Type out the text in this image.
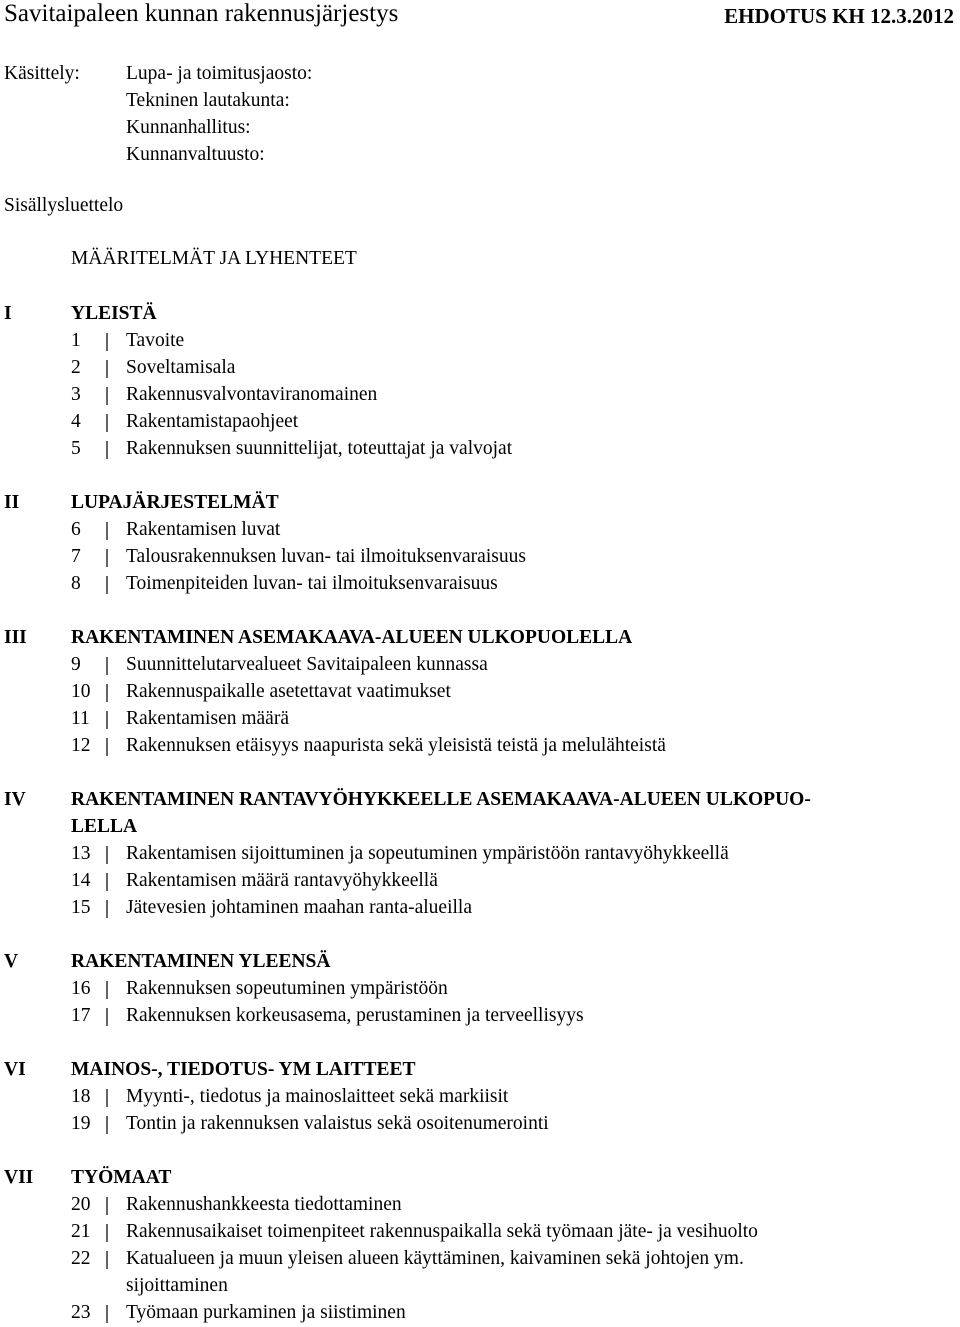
Savitaipaleen kunnan rakennusjärjestys	EHDOTUS KH 12.3.2012
Käsittely: Lupa- ja toimitusjaosto:
Tekninen lautakunta:
Kunnanhallitus:
Kunnanvaltuusto:
Sisällysluettelo
MÄÄRITELMÄT JA LYHENTEET
I	YLEISTÄ
1 Tavoite
2 Soveltamisala
3 Rakennusvalvontaviranomainen
4 Rakentamistapaohjeet
5 Rakennuksen suunnittelijat, toteuttajat ja valvojat
II	LUPAJÄRJESTELMÄT
6 Rakentamisen luvat
7 Talousrakennuksen luvan- tai ilmoituksenvaraisuus
8 Toimenpiteiden luvan- tai ilmoituksenvaraisuus
III RAKENTAMINEN ASEMAKAAVA-ALUEEN ULKOPUOLELLA
9 Suunnittelutarvealueet Savitaipaleen kunnassa
10 Rakennuspaikalle asetettavat vaatimukset
11 Rakentamisen määrä
12 Rakennuksen etäisyys naapurista sekä yleisistä teistä ja melulähteistä
IV RAKENTAMINEN RANTAVYÖHYKKEELLE ASEMAKAAVA-ALUEEN ULKOPUO-
LELLA
13 Rakentamisen sijoittuminen ja sopeutuminen ympäristöön rantavyöhykkeellä
14 Rakentamisen määrä rantavyöhykkeellä
15 Jätevesien johtaminen maahan ranta-alueilla
V	RAKENTAMINEN YLEENSÄ
16 Rakennuksen sopeutuminen ympäristöön
17 Rakennuksen korkeusasema, perustaminen ja terveellisyys
VI MAINOS-, TIEDOTUS- YM LAITTEET
18 Myynti-, tiedotus ja mainoslaitteet sekä markiisit
19 Tontin ja rakennuksen valaistus sekä osoitenumerointi
VII TYÖMAAT
20 Rakennushankkeesta tiedottaminen
21 Rakennusaikaiset toimenpiteet rakennuspaikalla sekä työmaan jäte- ja vesihuolto
22 Katualueen ja muun yleisen alueen käyttäminen, kaivaminen sekä johtojen ym.
sijoittaminen
23 Työmaan purkaminen ja siistiminen
